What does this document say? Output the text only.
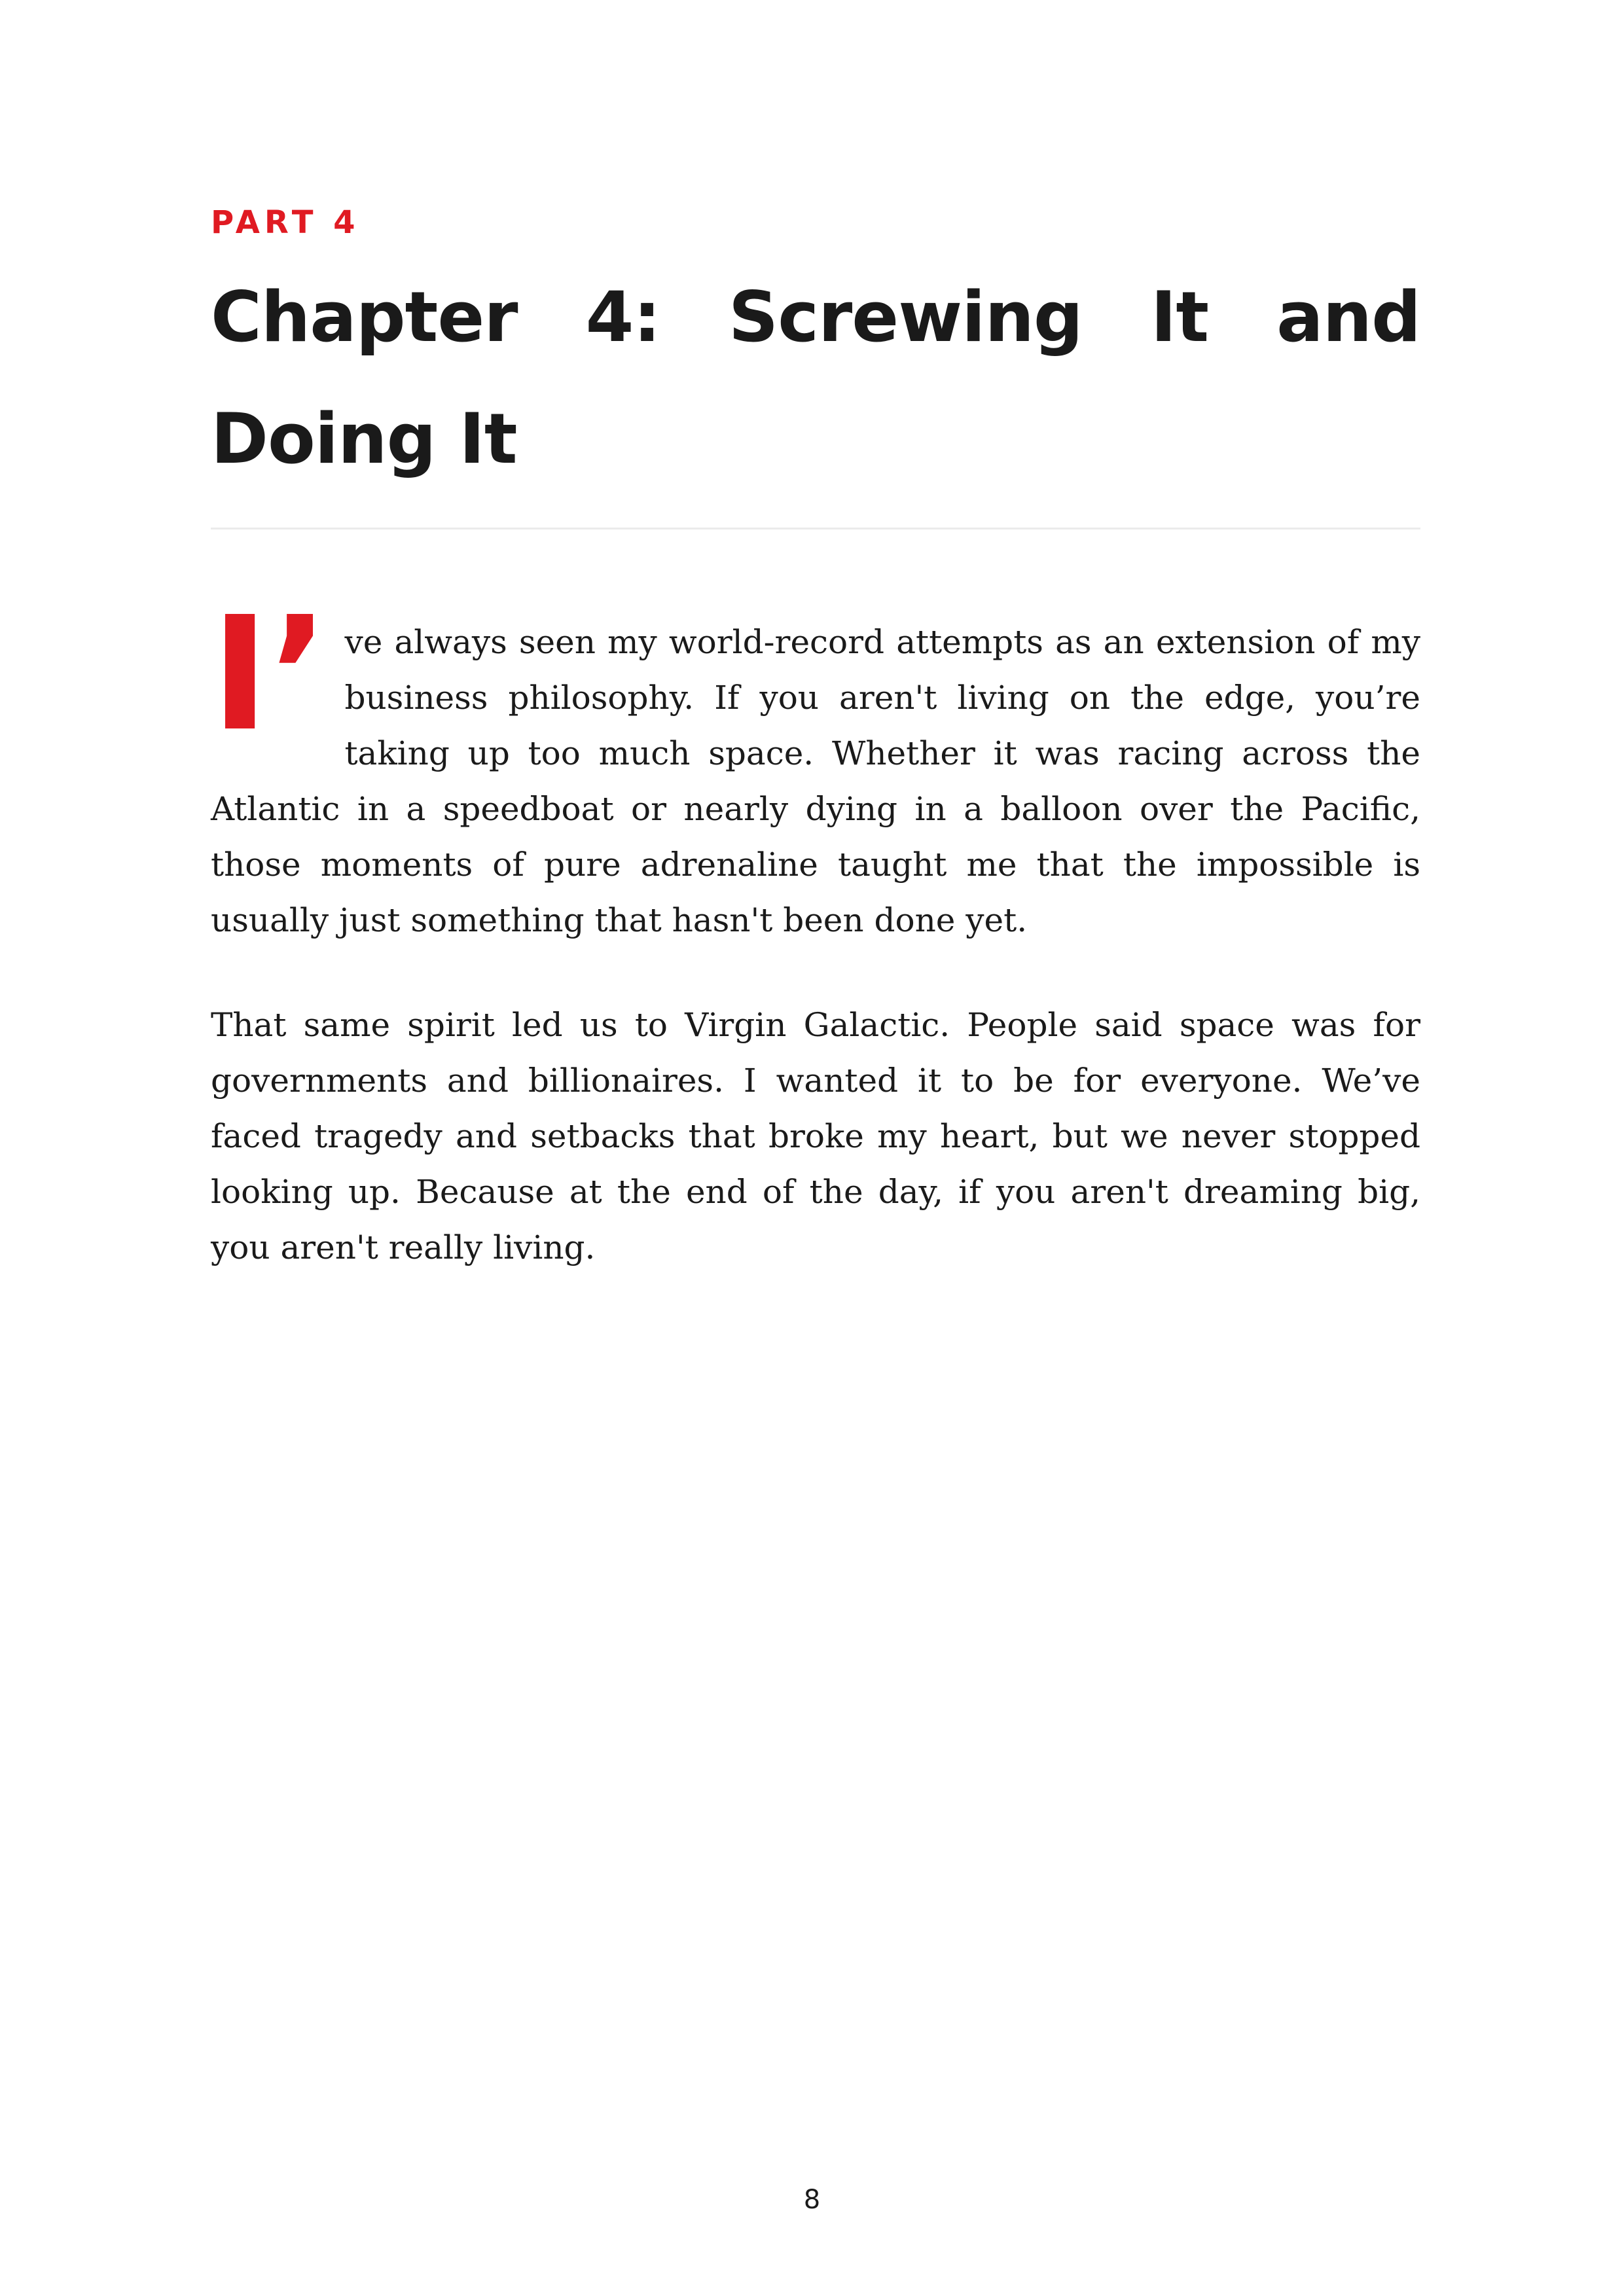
PART 4

Chapter 4: Screwing It and Doing It

I’ ve always seen my world-record attempts as an extension of my business philosophy. If you aren't living on the edge, you’re taking up too much space. Whether it was racing across the Atlantic in a speedboat or nearly dying in a balloon over the Pacific, those moments of pure adrenaline taught me that the impossible is usually just something that hasn't been done yet.

That same spirit led us to Virgin Galactic. People said space was for governments and billionaires. I wanted it to be for everyone. We’ve faced tragedy and setbacks that broke my heart, but we never stopped looking up. Because at the end of the day, if you aren't dreaming big, you aren't really living.

8
